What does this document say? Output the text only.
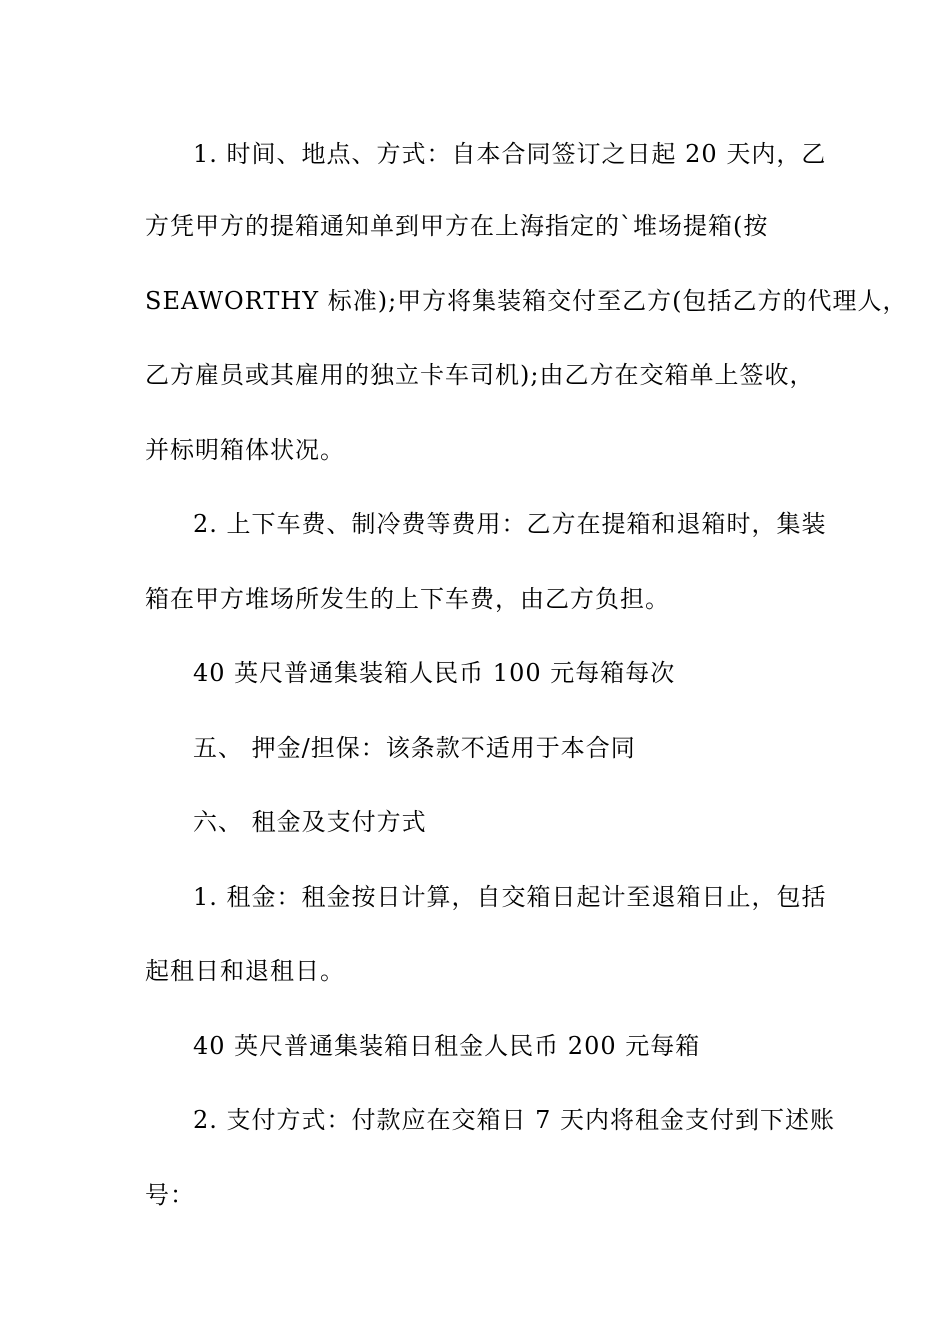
1. 时间、地点、方式：自本合同签订之日起 20 天内，乙
方凭甲方的提箱通知单到甲方在上海指定的`堆场提箱(按
SEAWORTHY 标准);甲方将集装箱交付至乙方(包括乙方的代理人，
乙方雇员或其雇用的独立卡车司机);由乙方在交箱单上签收，
并标明箱体状况。
2. 上下车费、制冷费等费用：乙方在提箱和退箱时，集装
箱在甲方堆场所发生的上下车费，由乙方负担。
40 英尺普通集装箱人民币 100 元每箱每次
五、 押金/担保：该条款不适用于本合同
六、 租金及支付方式
1. 租金：租金按日计算，自交箱日起计至退箱日止，包括
起租日和退租日。
40 英尺普通集装箱日租金人民币 200 元每箱
2. 支付方式：付款应在交箱日 7 天内将租金支付到下述账
号：
